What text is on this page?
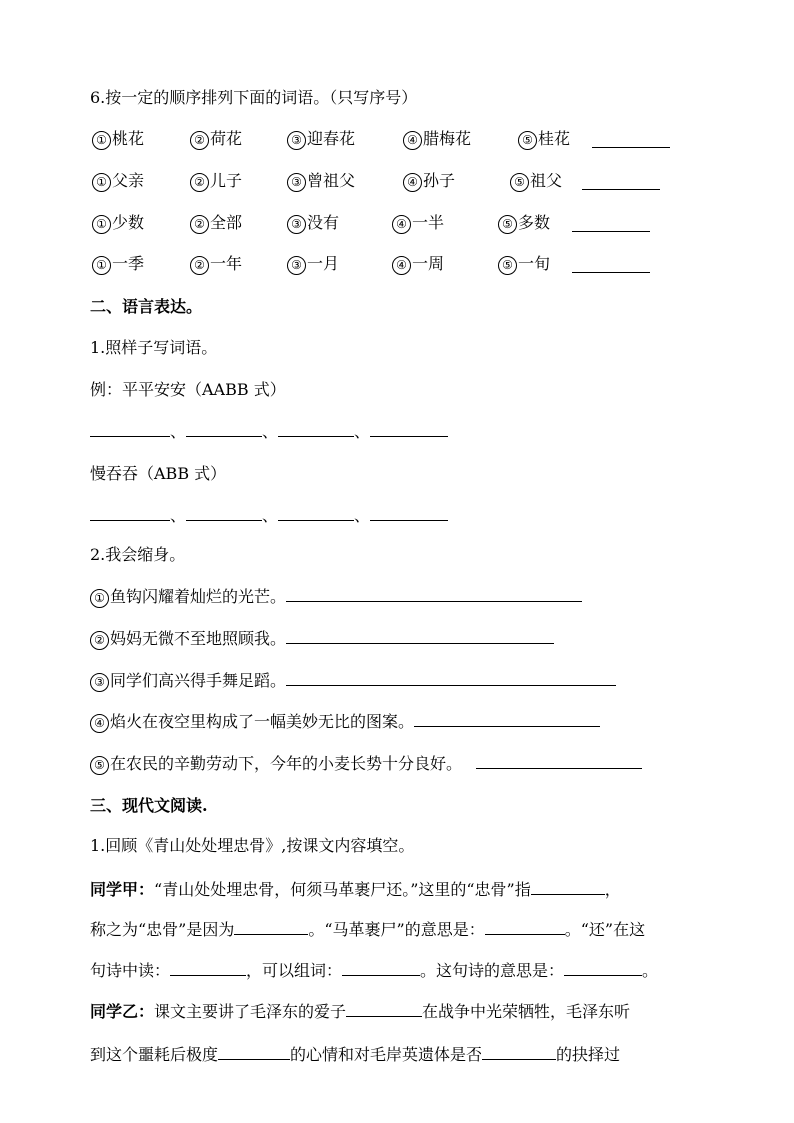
6.按一定的顺序排列下面的词语。（只写序号）
① 桃花	② 荷花	③ 迎春花	④ 腊梅花	⑤ 桂花
① 父亲	② 儿子	③ 曾祖父	④ 孙子	⑤ 祖父
① 少数	② 全部	③ 没有	④ 一半	⑤ 多数
① 一季	② 一年	③ 一月	④ 一周	⑤ 一旬
二、语言表达。
1.照样子写词语。
例：平平安安（AABB 式）
、	、	、
慢吞吞（ABB 式）
、	、	、
2.我会缩身。
① 鱼钩闪耀着灿烂的光芒。
② 妈妈无微不至地照顾我。
③ 同学们高兴得手舞足蹈。
④ 焰火在夜空里构成了一幅美妙无比的图案。
⑤ 在农民的辛勤劳动下，今年的小麦长势十分良好。
三、现代文阅读.
1.回顾《青山处处埋忠骨》,按课文内容填空。
同学甲：“青山处处埋忠骨，何须马革裹尸还。”这里的“忠骨”指	，
称之为“忠骨”是因为	。“马革裹尸”的意思是：	。“还”在这
句诗中读：	，可以组词：	。这句诗的意思是：	。
同学乙：课文主要讲了毛泽东的爱子	在战争中光荣牺牲，毛泽东听
到这个噩耗后极度	的心情和对毛岸英遗体是否	的抉择过
